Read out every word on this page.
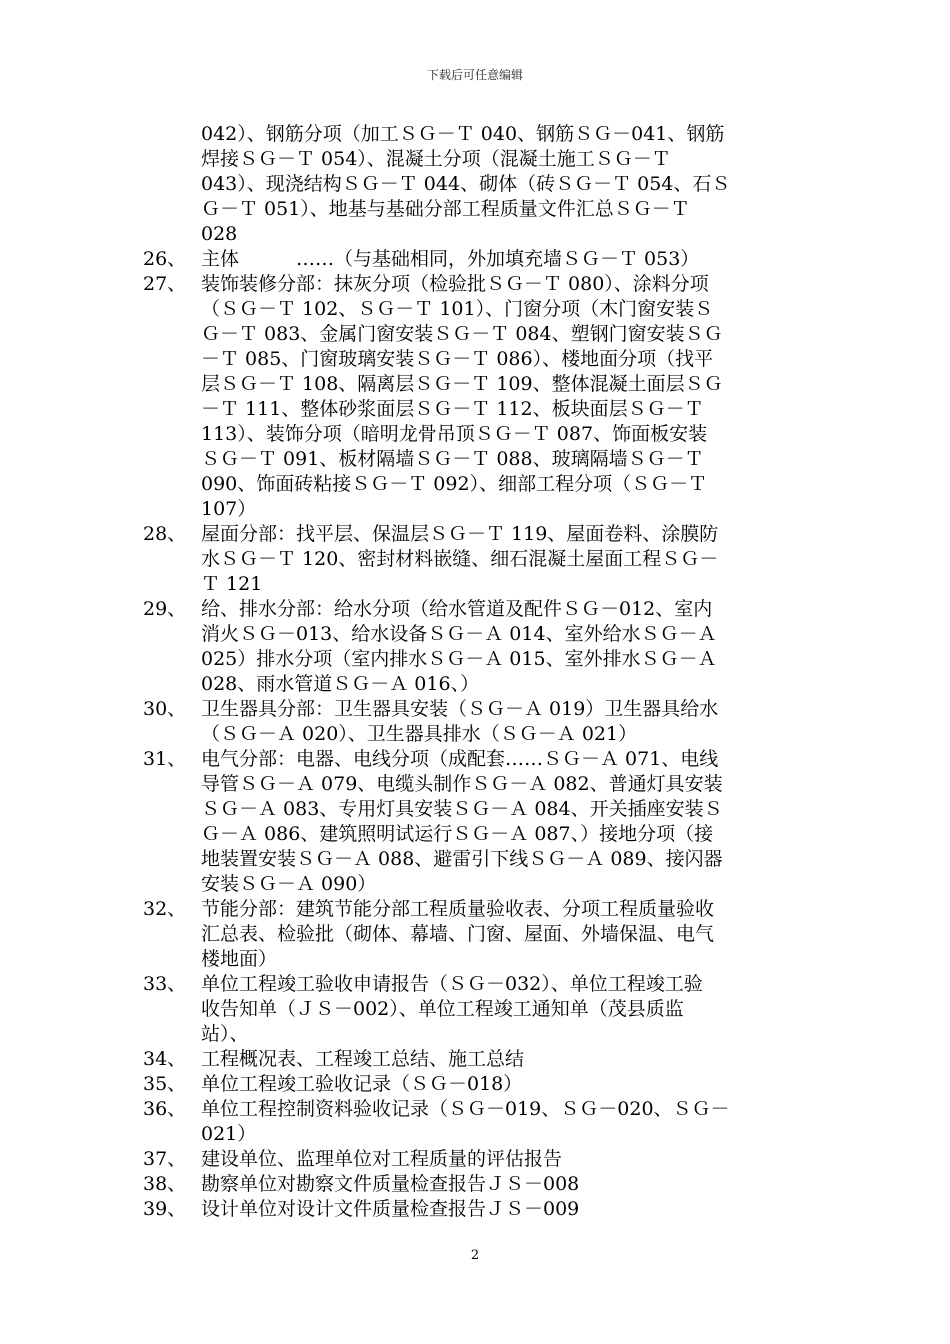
下载后可任意编辑
042）、钢筋分项（加工ＳＧ－Ｔ 040、钢筋ＳＧ－041、钢筋
焊接ＳＧ－Ｔ 054）、混凝土分项（混凝土施工ＳＧ－Ｔ
043）、现浇结构ＳＧ－Ｔ 044、砌体（砖ＳＧ－Ｔ 054、石Ｓ
Ｇ－Ｔ 051）、地基与基础分部工程质量文件汇总ＳＧ－Ｔ
028
26、 主体　　　……（与基础相同，外加填充墙ＳＧ－Ｔ 053）
27、 装饰装修分部：抹灰分项（检验批ＳＧ－Ｔ 080）、涂料分项
（ＳＧ－Ｔ 102、ＳＧ－Ｔ 101）、门窗分项（木门窗安装Ｓ
Ｇ－Ｔ 083、金属门窗安装ＳＧ－Ｔ 084、塑钢门窗安装ＳＧ
－Ｔ 085、门窗玻璃安装ＳＧ－Ｔ 086）、楼地面分项（找平
层ＳＧ－Ｔ 108、隔离层ＳＧ－Ｔ 109、整体混凝土面层ＳＧ
－Ｔ 111、整体砂浆面层ＳＧ－Ｔ 112、板块面层ＳＧ－Ｔ
113）、装饰分项（暗明龙骨吊顶ＳＧ－Ｔ 087、饰面板安装
ＳＧ－Ｔ 091、板材隔墙ＳＧ－Ｔ 088、玻璃隔墙ＳＧ－Ｔ
090、饰面砖粘接ＳＧ－Ｔ 092）、细部工程分项（ＳＧ－Ｔ
107）
28、 屋面分部：找平层、保温层ＳＧ－Ｔ 119、屋面卷料、涂膜防
水ＳＧ－Ｔ 120、密封材料嵌缝、细石混凝土屋面工程ＳＧ－
Ｔ 121
29、 给、排水分部：给水分项（给水管道及配件ＳＧ－012、室内
消火ＳＧ－013、给水设备ＳＧ－Ａ 014、室外给水ＳＧ－Ａ
025）排水分项（室内排水ＳＧ－Ａ 015、室外排水ＳＧ－Ａ
028、雨水管道ＳＧ－Ａ 016、）
30、 卫生器具分部：卫生器具安装（ＳＧ－Ａ 019）卫生器具给水
（ＳＧ－Ａ 020）、卫生器具排水（ＳＧ－Ａ 021）
31、 电气分部：电器、电线分项（成配套……ＳＧ－Ａ 071、电线
导管ＳＧ－Ａ 079、电缆头制作ＳＧ－Ａ 082、普通灯具安装
ＳＧ－Ａ 083、专用灯具安装ＳＧ－Ａ 084、开关插座安装Ｓ
Ｇ－Ａ 086、建筑照明试运行ＳＧ－Ａ 087、）接地分项（接
地装置安装ＳＧ－Ａ 088、避雷引下线ＳＧ－Ａ 089、接闪器
安装ＳＧ－Ａ 090）
32、 节能分部：建筑节能分部工程质量验收表、分项工程质量验收
汇总表、检验批（砌体、幕墙、门窗、屋面、外墙保温、电气
楼地面）
33、 单位工程竣工验收申请报告（ＳＧ－032）、单位工程竣工验
收告知单（ＪＳ－002）、单位工程竣工通知单（茂县质监
站）、
34、 工程概况表、工程竣工总结、施工总结
35、 单位工程竣工验收记录（ＳＧ－018）
36、 单位工程控制资料验收记录（ＳＧ－019、ＳＧ－020、ＳＧ－
021）
37、 建设单位、监理单位对工程质量的评估报告
38、 勘察单位对勘察文件质量检查报告ＪＳ－008
39、 设计单位对设计文件质量检查报告ＪＳ－009
2
